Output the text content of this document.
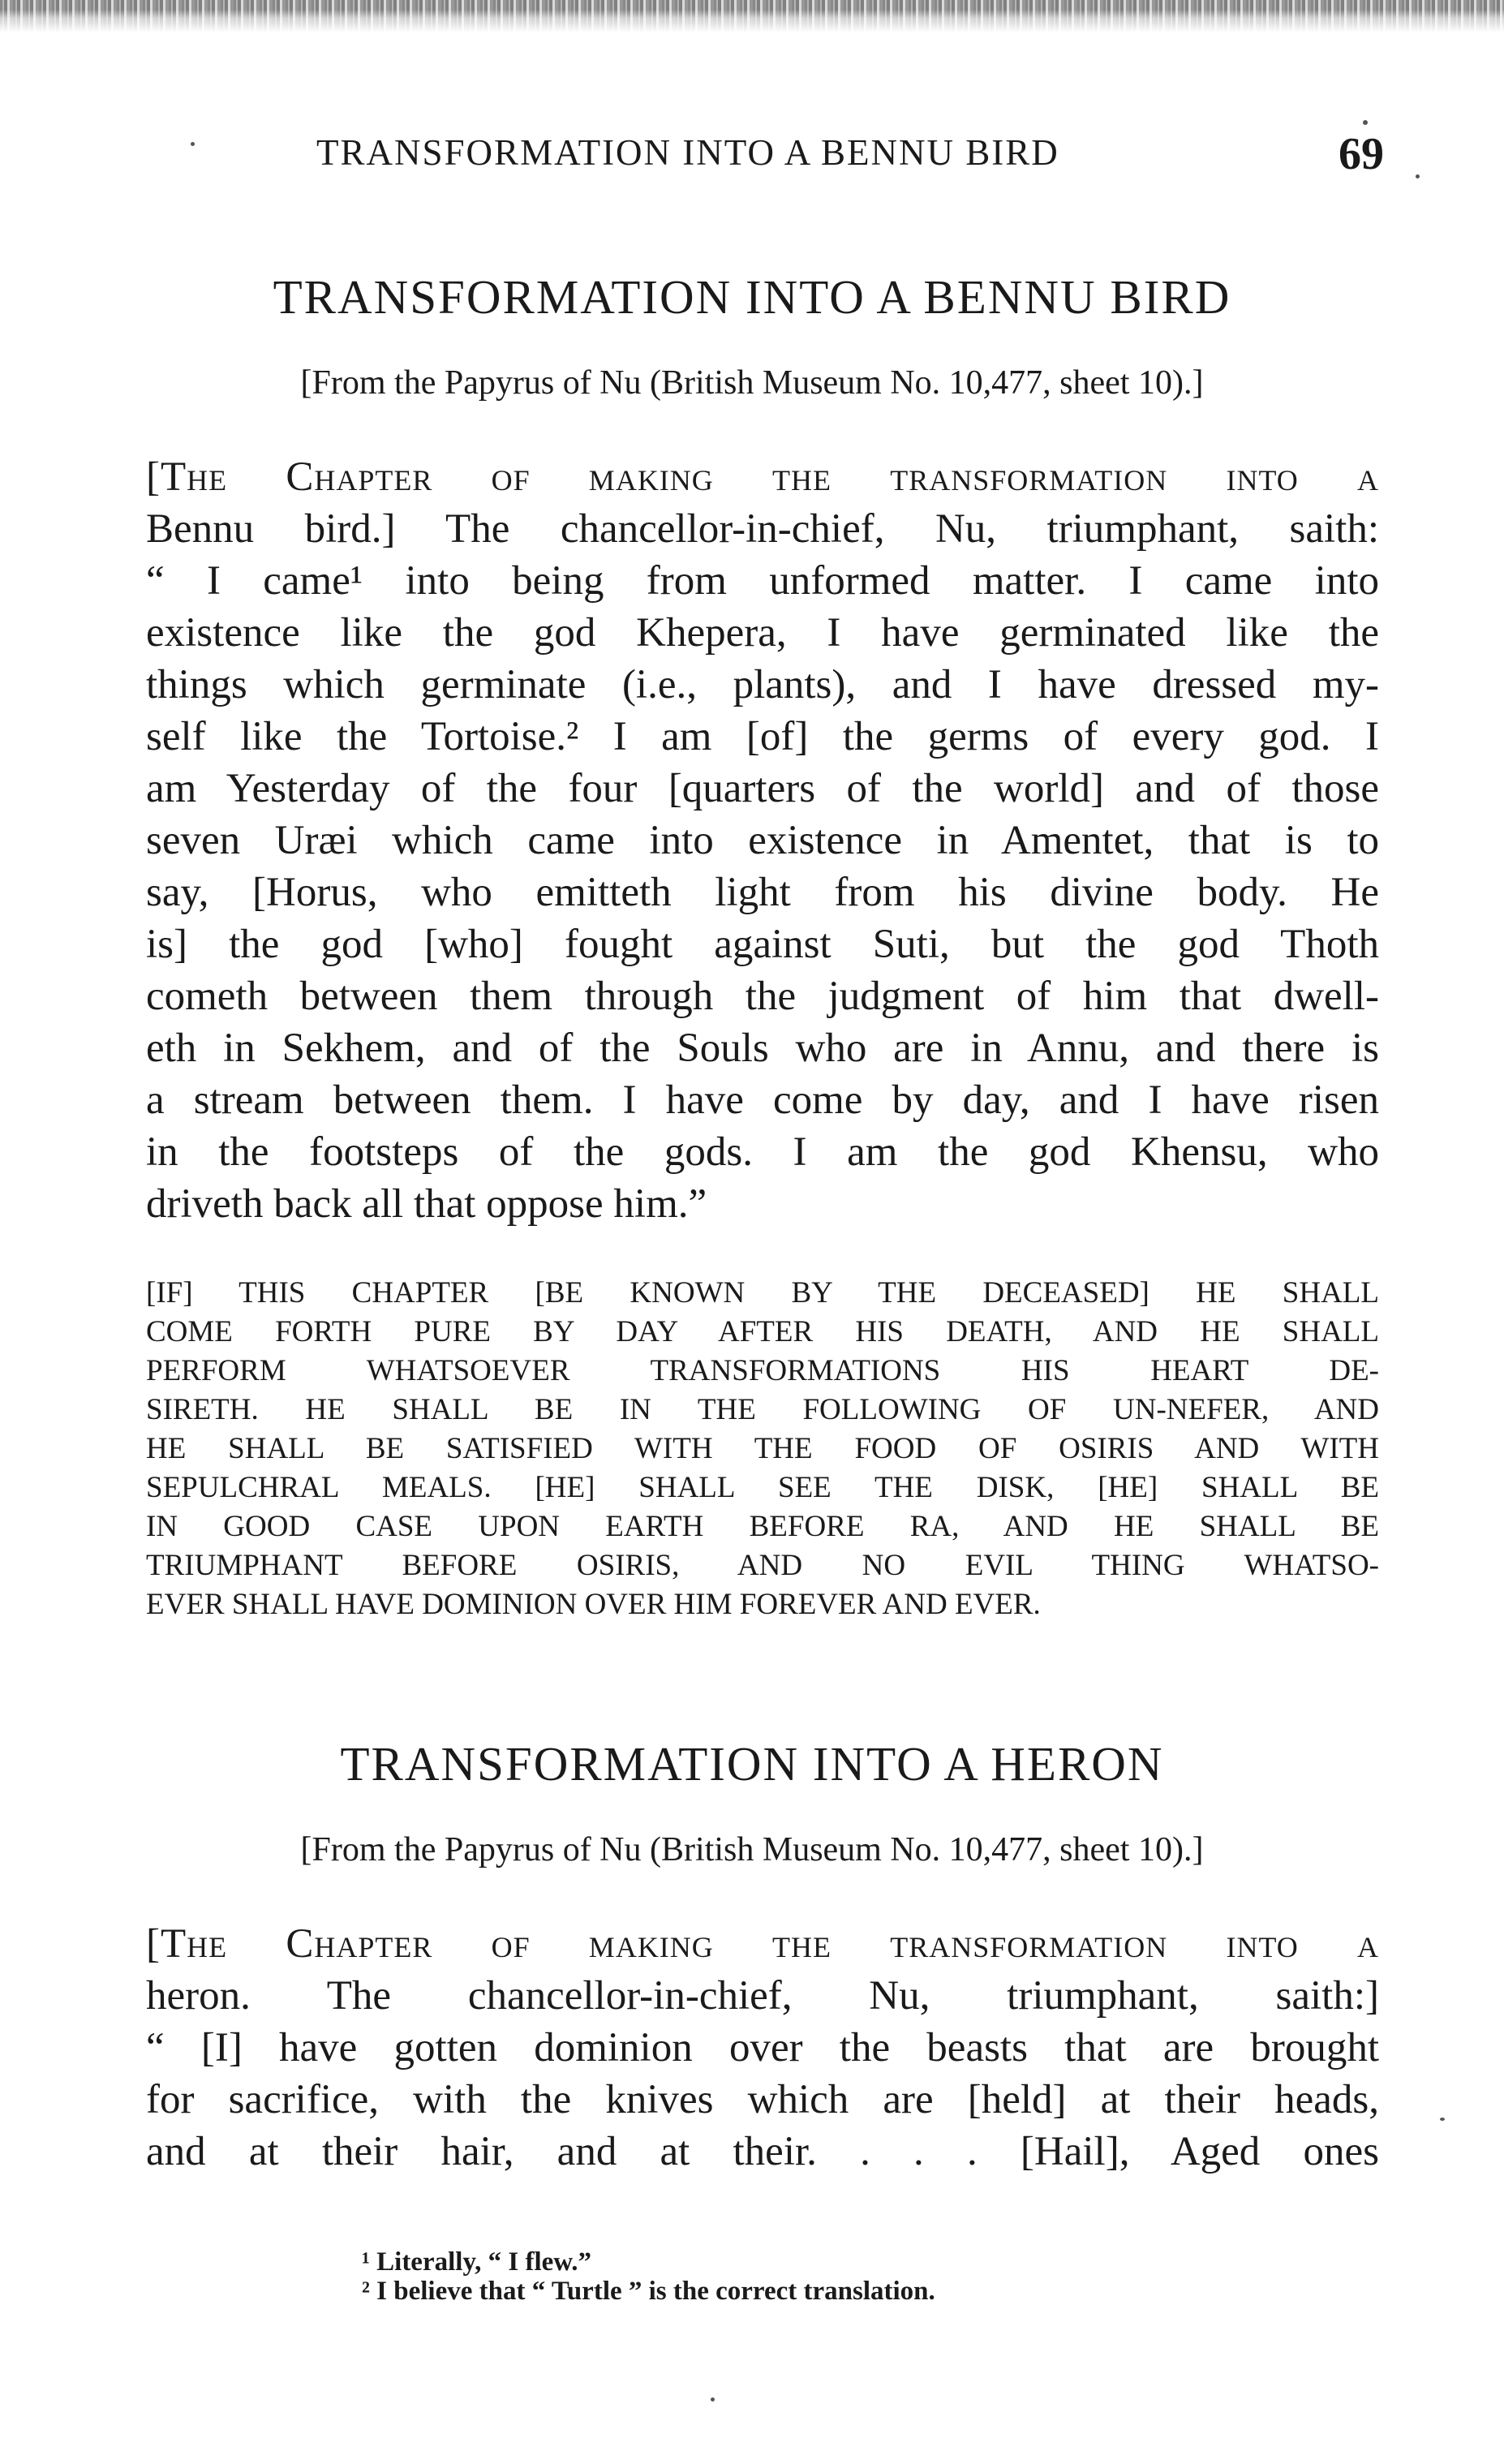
TRANSFORMATION INTO A BENNU BIRD	69
TRANSFORMATION INTO A BENNU BIRD
[From the Papyrus of Nu (British Museum No. 10,477, sheet 10).]
[The Chapter of making the transformation into a
Bennu bird.] The chancellor-in-chief, Nu, triumphant, saith:
“ I came¹ into being from unformed matter. I came into
existence like the god Khepera, I have germinated like the
things which germinate (i.e., plants), and I have dressed my-
self like the Tortoise.² I am [of] the germs of every god. I
am Yesterday of the four [quarters of the world] and of those
seven Uræi which came into existence in Amentet, that is to
say, [Horus, who emitteth light from his divine body. He
is] the god [who] fought against Suti, but the god Thoth
cometh between them through the judgment of him that dwell-
eth in Sekhem, and of the Souls who are in Annu, and there is
a stream between them. I have come by day, and I have risen
in the footsteps of the gods. I am the god Khensu, who
driveth back all that oppose him.”
[IF] THIS CHAPTER [BE KNOWN BY THE DECEASED] HE SHALL
COME FORTH PURE BY DAY AFTER HIS DEATH, AND HE SHALL
PERFORM WHATSOEVER TRANSFORMATIONS HIS HEART DE-
SIRETH. HE SHALL BE IN THE FOLLOWING OF UN-NEFER, AND
HE SHALL BE SATISFIED WITH THE FOOD OF OSIRIS AND WITH
SEPULCHRAL MEALS. [HE] SHALL SEE THE DISK, [HE] SHALL BE
IN GOOD CASE UPON EARTH BEFORE RA, AND HE SHALL BE
TRIUMPHANT BEFORE OSIRIS, AND NO EVIL THING WHATSO-
EVER SHALL HAVE DOMINION OVER HIM FOREVER AND EVER.
TRANSFORMATION INTO A HERON
[From the Papyrus of Nu (British Museum No. 10,477, sheet 10).]
[The Chapter of making the transformation into a
heron. The chancellor-in-chief, Nu, triumphant, saith:]
“ [I] have gotten dominion over the beasts that are brought
for sacrifice, with the knives which are [held] at their heads,
and at their hair, and at their. . . . [Hail], Aged ones
¹ Literally, “ I flew.”
² I believe that “ Turtle ” is the correct translation.
